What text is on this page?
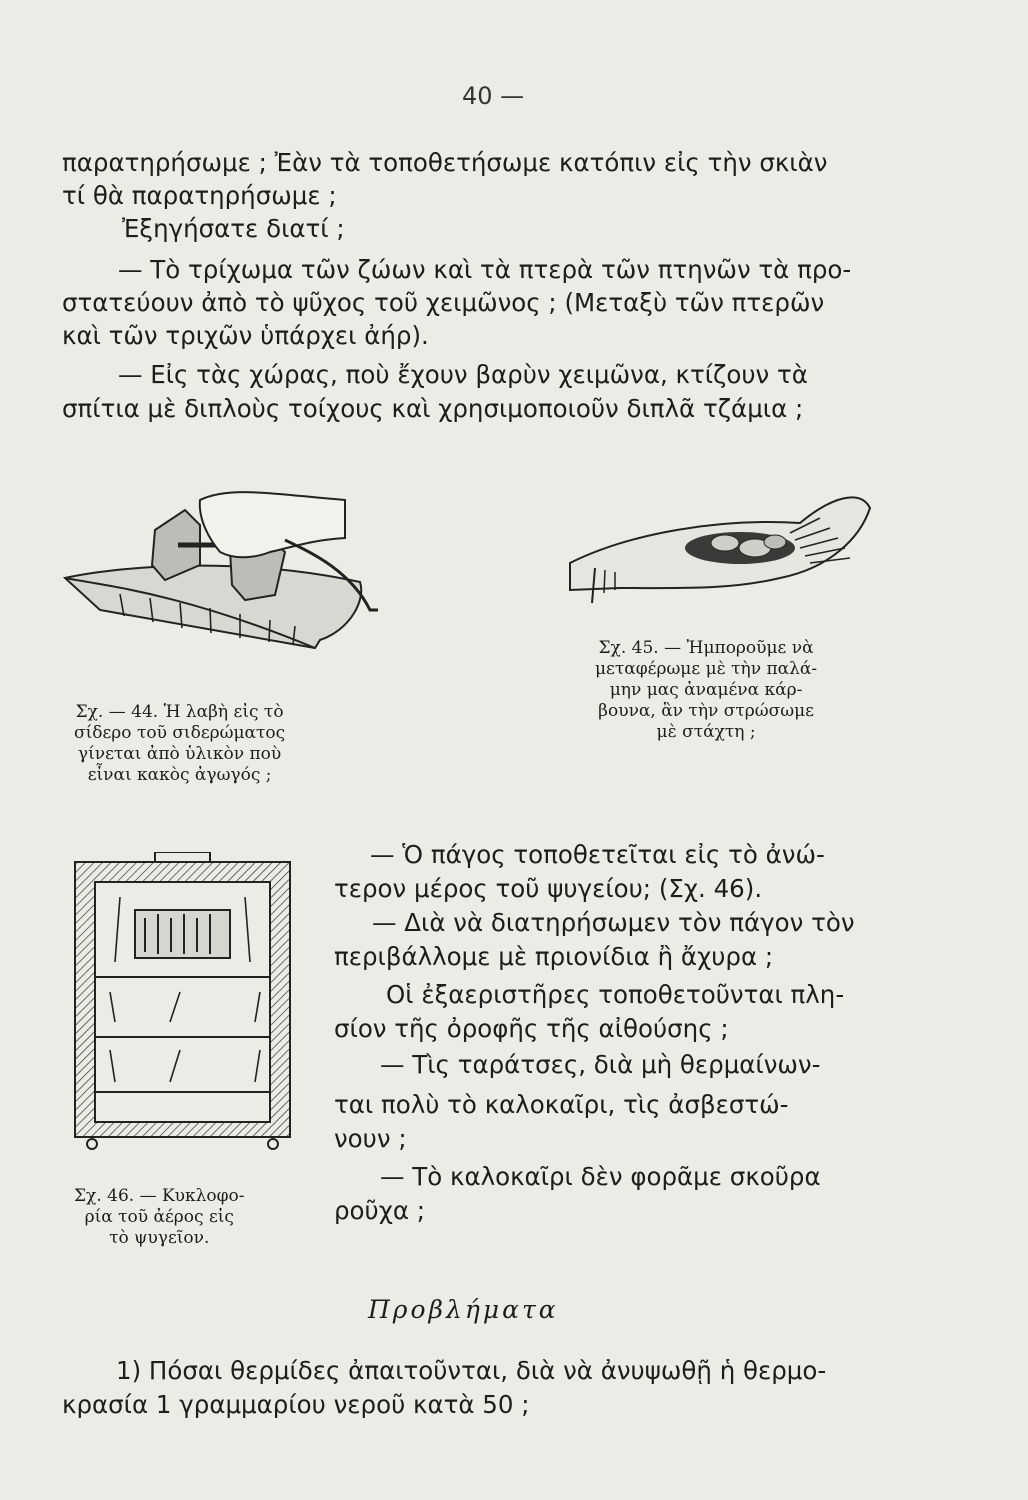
40 —
παρατηρήσωμε ; Ἐὰν τὰ τοποθετήσωμε κατόπιν εἰς τὴν σκιὰν
τί θὰ παρατηρήσωμε ;
Ἐξηγήσατε διατί ;
— Τὸ τρίχωμα τῶν ζώων καὶ τὰ πτερὰ τῶν πτηνῶν τὰ προ-
στατεύουν ἀπὸ τὸ ψῦχος τοῦ χειμῶνος ; (Μεταξὺ τῶν πτερῶν
καὶ τῶν τριχῶν ὑπάρχει ἀήρ).
— Εἰς τὰς χώρας, ποὺ ἔχουν βαρὺν χειμῶνα, κτίζουν τὰ
σπίτια μὲ διπλοὺς τοίχους καὶ χρησιμοποιοῦν διπλᾶ τζάμια ;
Σχ. — 44. Ἡ λαβὴ εἰς τὸ
σίδερο τοῦ σιδερώματος
γίνεται ἀπὸ ὑλικὸν ποὺ
εἶναι κακὸς ἀγωγός ;
Σχ. 45. — Ἠμποροῦμε νὰ
μεταφέρωμε μὲ τὴν παλά-
μην μας ἀναμένα κάρ-
βουνα, ἂν τὴν στρώσωμε
μὲ στάχτη ;
Σχ. 46. — Κυκλοφο-
ρία τοῦ ἀέρος εἰς
τὸ ψυγεῖον.
— Ὁ πάγος τοποθετεῖται εἰς τὸ ἀνώ-
τερον μέρος τοῦ ψυγείου; (Σχ. 46).
— Διὰ νὰ διατηρήσωμεν τὸν πάγον τὸν
περιβάλλομε μὲ πριονίδια ἢ ἄχυρα ;
Οἱ ἐξαεριστῆρες τοποθετοῦνται πλη-
σίον τῆς ὀροφῆς τῆς αἰθούσης ;
— Τὶς ταράτσες, διὰ μὴ θερμαίνων-
ται πολὺ τὸ καλοκαῖρι, τὶς ἀσβεστώ-
νουν ;
— Τὸ καλοκαῖρι δὲν φορᾶμε σκοῦρα
ροῦχα ;
Προβλήματα
1) Πόσαι θερμίδες ἀπαιτοῦνται, διὰ νὰ ἀνυψωθῇ ἡ θερμο-
κρασία 1 γραμμαρίου νεροῦ κατὰ 50 ;
